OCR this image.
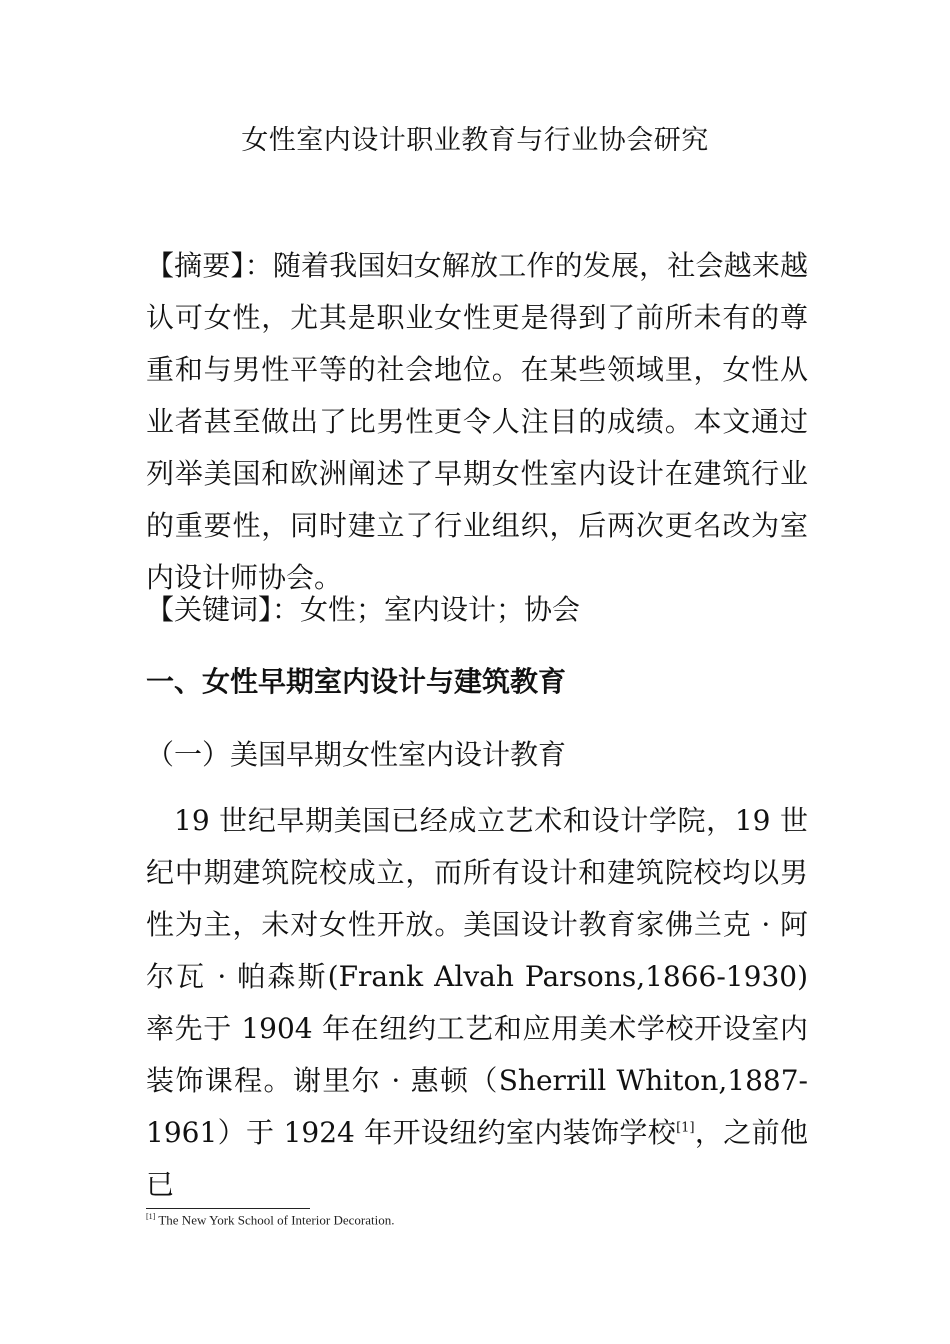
女性室内设计职业教育与行业协会研究
【摘要】：随着我国妇女解放工作的发展，社会越来越认可女性，尤其是职业女性更是得到了前所未有的尊重和与男性平等的社会地位。在某些领域里，女性从业者甚至做出了比男性更令人注目的成绩。本文通过列举美国和欧洲阐述了早期女性室内设计在建筑行业的重要性，同时建立了行业组织，后两次更名改为室内设计师协会。
【关键词】：女性；室内设计；协会
一、女性早期室内设计与建筑教育
（一）美国早期女性室内设计教育
19 世纪早期美国已经成立艺术和设计学院，19 世纪中期建筑院校成立，而所有设计和建筑院校均以男性为主，未对女性开放。美国设计教育家佛兰克 · 阿尔瓦 · 帕森斯(Frank Alvah Parsons,1866-1930)率先于 1904 年在纽约工艺和应用美术学校开设室内装饰课程。谢里尔 · 惠顿（Sherrill Whiton,1887-1961）于 1924 年开设纽约室内装饰学校[1]，之前他已
[1] The New York School of Interior Decoration.
